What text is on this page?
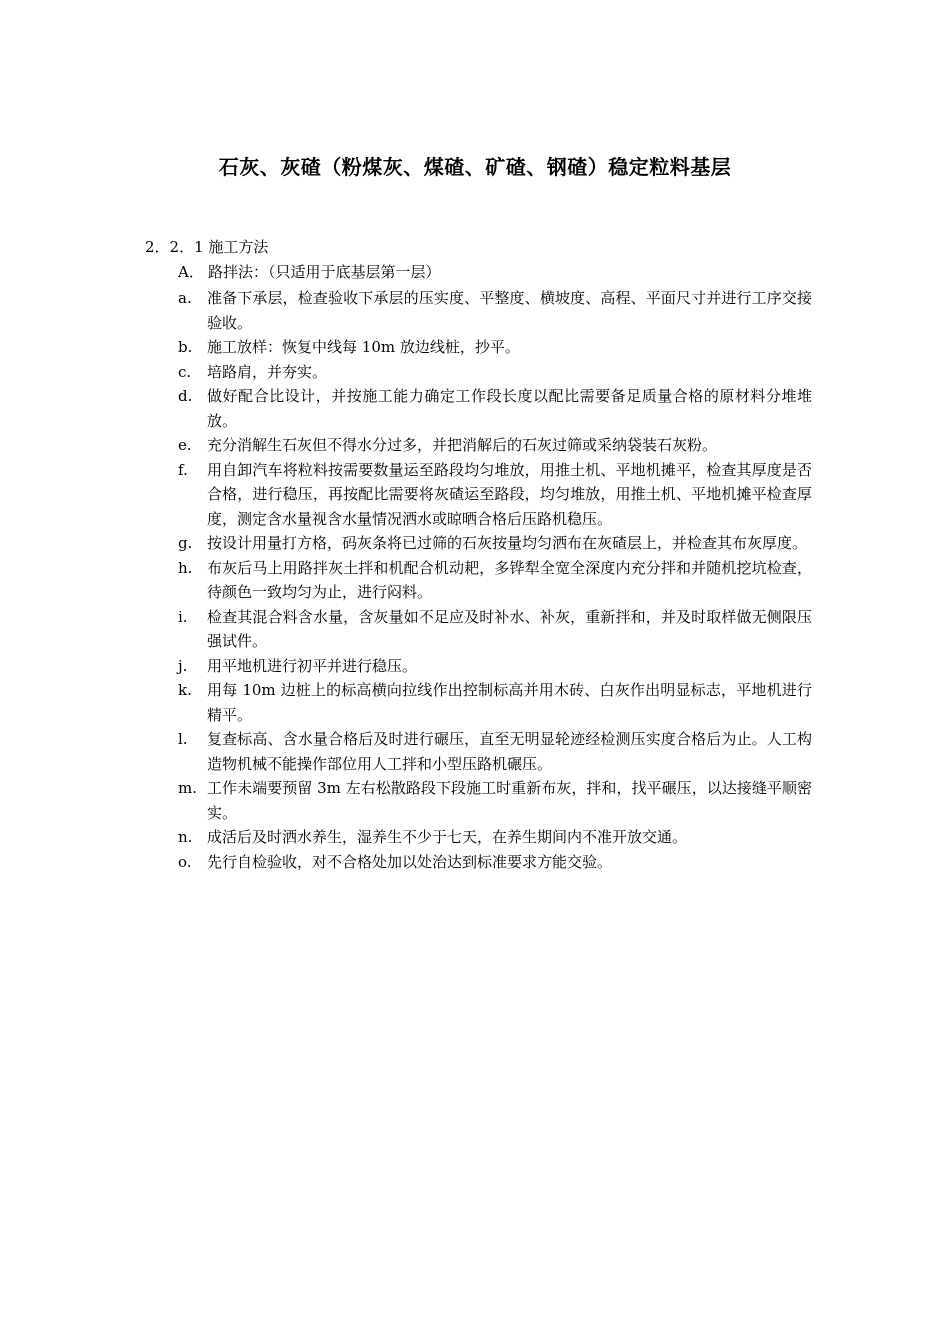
石灰、灰碴（粉煤灰、煤碴、矿碴、钢碴）稳定粒料基层
2．2．1 施工方法
A． 路拌法：（只适用于底基层第一层）
a. 准备下承层，检查验收下承层的压实度、平整度、横坡度、高程、平面尺寸并进行工序交接验收。
b. 施工放样：恢复中线每 10m 放边线桩，抄平。
c. 培路肩，并夯实。
d. 做好配合比设计，并按施工能力确定工作段长度以配比需要备足质量合格的原材料分堆堆放。
e. 充分消解生石灰但不得水分过多，并把消解后的石灰过筛或采纳袋装石灰粉。
f. 用自卸汽车将粒料按需要数量运至路段均匀堆放，用推土机、平地机摊平，检查其厚度是否合格，进行稳压，再按配比需要将灰碴运至路段，均匀堆放，用推土机、平地机摊平检查厚度，测定含水量视含水量情况洒水或晾晒合格后压路机稳压。
g. 按设计用量打方格，码灰条将已过筛的石灰按量均匀洒布在灰碴层上，并检查其布灰厚度。
h. 布灰后马上用路拌灰土拌和机配合机动耙，多铧犁全宽全深度内充分拌和并随机挖坑检查，待颜色一致均匀为止，进行闷料。
i. 检查其混合料含水量，含灰量如不足应及时补水、补灰，重新拌和，并及时取样做无侧限压强试件。
j. 用平地机进行初平并进行稳压。
k. 用每 10m 边桩上的标高横向拉线作出控制标高并用木砖、白灰作出明显标志，平地机进行精平。
l. 复查标高、含水量合格后及时进行碾压，直至无明显轮迹经检测压实度合格后为止。人工构造物机械不能操作部位用人工拌和小型压路机碾压。
m. 工作未端要预留 3m 左右松散路段下段施工时重新布灰，拌和，找平碾压，以达接缝平顺密实。
n. 成活后及时洒水养生，湿养生不少于七天，在养生期间内不准开放交通。
o. 先行自检验收，对不合格处加以处治达到标准要求方能交验。
